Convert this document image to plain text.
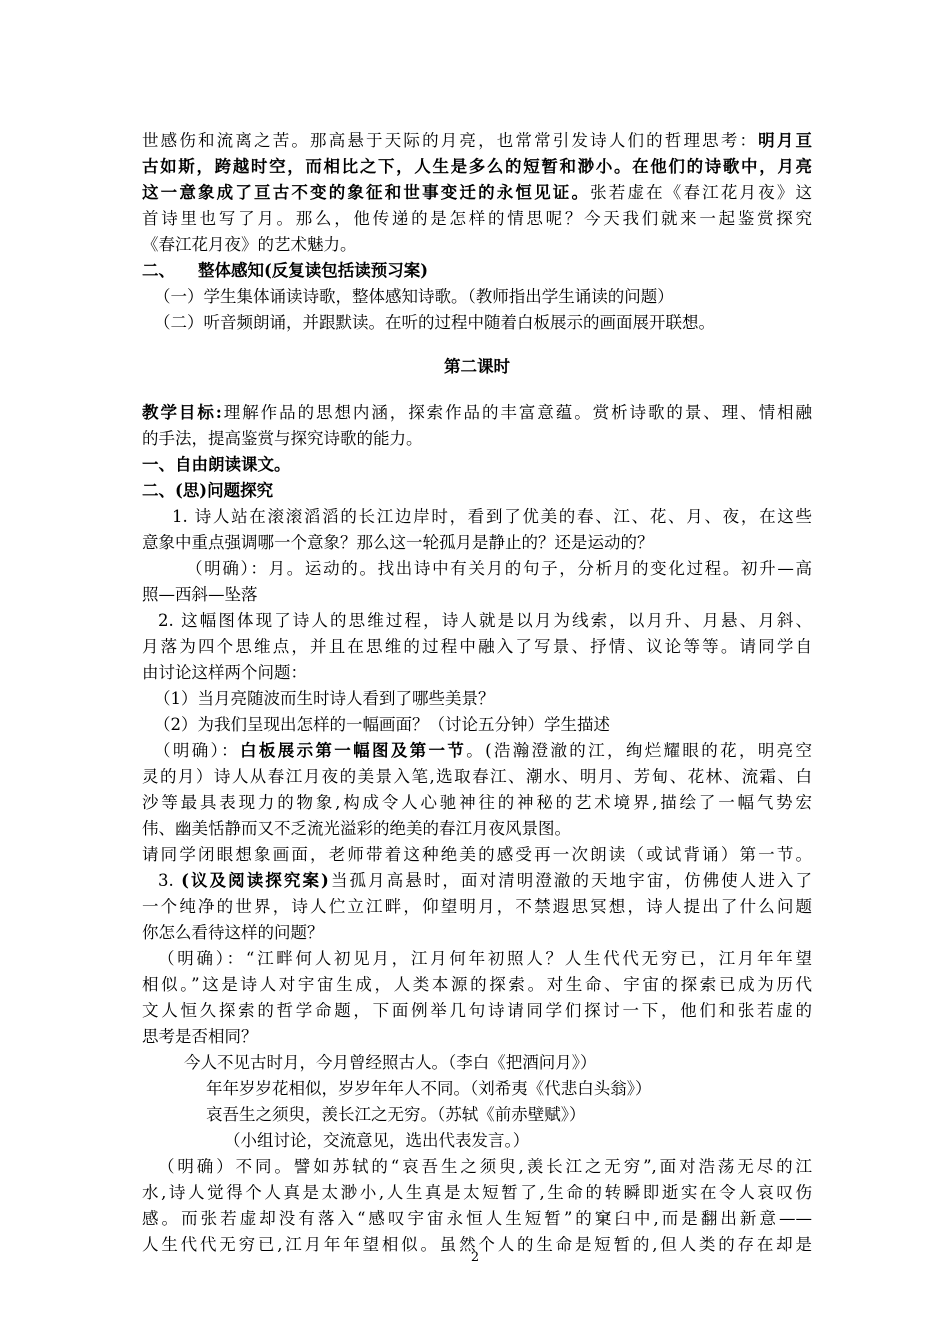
世感伤和流离之苦。那高悬于天际的月亮，也常常引发诗人们的哲理思考：明月亘
古如斯，跨越时空，而相比之下，人生是多么的短暂和渺小。在他们的诗歌中，月亮
这一意象成了亘古不变的象征和世事变迁的永恒见证。张若虚在《春江花月夜》这
首诗里也写了月。那么，他传递的是怎样的情思呢？今天我们就来一起鉴赏探究
《春江花月夜》的艺术魅力。
二、    整体感知(反复读包括读预习案)
（一）学生集体诵读诗歌，整体感知诗歌。（教师指出学生诵读的问题）
（二）听音频朗诵，并跟默读。在听的过程中随着白板展示的画面展开联想。
第二课时
教学目标:理解作品的思想内涵，探索作品的丰富意蕴。赏析诗歌的景、理、情相融
的手法，提高鉴赏与探究诗歌的能力。
一、自由朗读课文。
二、(思)问题探究
1. 诗人站在滚滚滔滔的长江边岸时，看到了优美的春、江、花、月、夜，在这些
意象中重点强调哪一个意象？那么这一轮孤月是静止的？还是运动的？
（明确）：月。运动的。找出诗中有关月的句子，分析月的变化过程。初升—高
照—西斜—坠落
2. 这幅图体现了诗人的思维过程，诗人就是以月为线索，以月升、月悬、月斜、
月落为四个思维点，并且在思维的过程中融入了写景、抒情、议论等等。请同学自
由讨论这样两个问题：
（1）当月亮随波而生时诗人看到了哪些美景？
（2）为我们呈现出怎样的一幅画面？（讨论五分钟）学生描述
（明确）：白板展示第一幅图及第一节。(浩瀚澄澈的江，绚烂耀眼的花，明亮空
灵的月）诗人从春江月夜的美景入笔,选取春江、潮水、明月、芳甸、花林、流霜、白
沙等最具表现力的物象,构成令人心驰神往的神秘的艺术境界,描绘了一幅气势宏
伟、幽美恬静而又不乏流光溢彩的绝美的春江月夜风景图。
请同学闭眼想象画面，老师带着这种绝美的感受再一次朗读（或试背诵）第一节。
3. (议及阅读探究案)当孤月高悬时，面对清明澄澈的天地宇宙，仿佛使人进入了
一个纯净的世界，诗人伫立江畔，仰望明月，不禁遐思冥想，诗人提出了什么问题
你怎么看待这样的问题？
（明确）：“江畔何人初见月，江月何年初照人？人生代代无穷已，江月年年望
相似。”这是诗人对宇宙生成，人类本源的探索。对生命、宇宙的探索已成为历代
文人恒久探索的哲学命题，下面例举几句诗请同学们探讨一下，他们和张若虚的
思考是否相同？
今人不见古时月，今月曾经照古人。（李白《把酒问月》）
年年岁岁花相似，岁岁年年人不同。（刘希夷《代悲白头翁》）
哀吾生之须臾，羡长江之无穷。（苏轼《前赤壁赋》）
（小组讨论，交流意见，选出代表发言。）
（明确）不同。譬如苏轼的“哀吾生之须臾,羡长江之无穷”,面对浩荡无尽的江
水,诗人觉得个人真是太渺小,人生真是太短暂了,生命的转瞬即逝实在令人哀叹伤
感。而张若虚却没有落入“感叹宇宙永恒人生短暂”的窠臼中,而是翻出新意——
人生代代无穷已,江月年年望相似。虽然个人的生命是短暂的,但人类的存在却是
2
